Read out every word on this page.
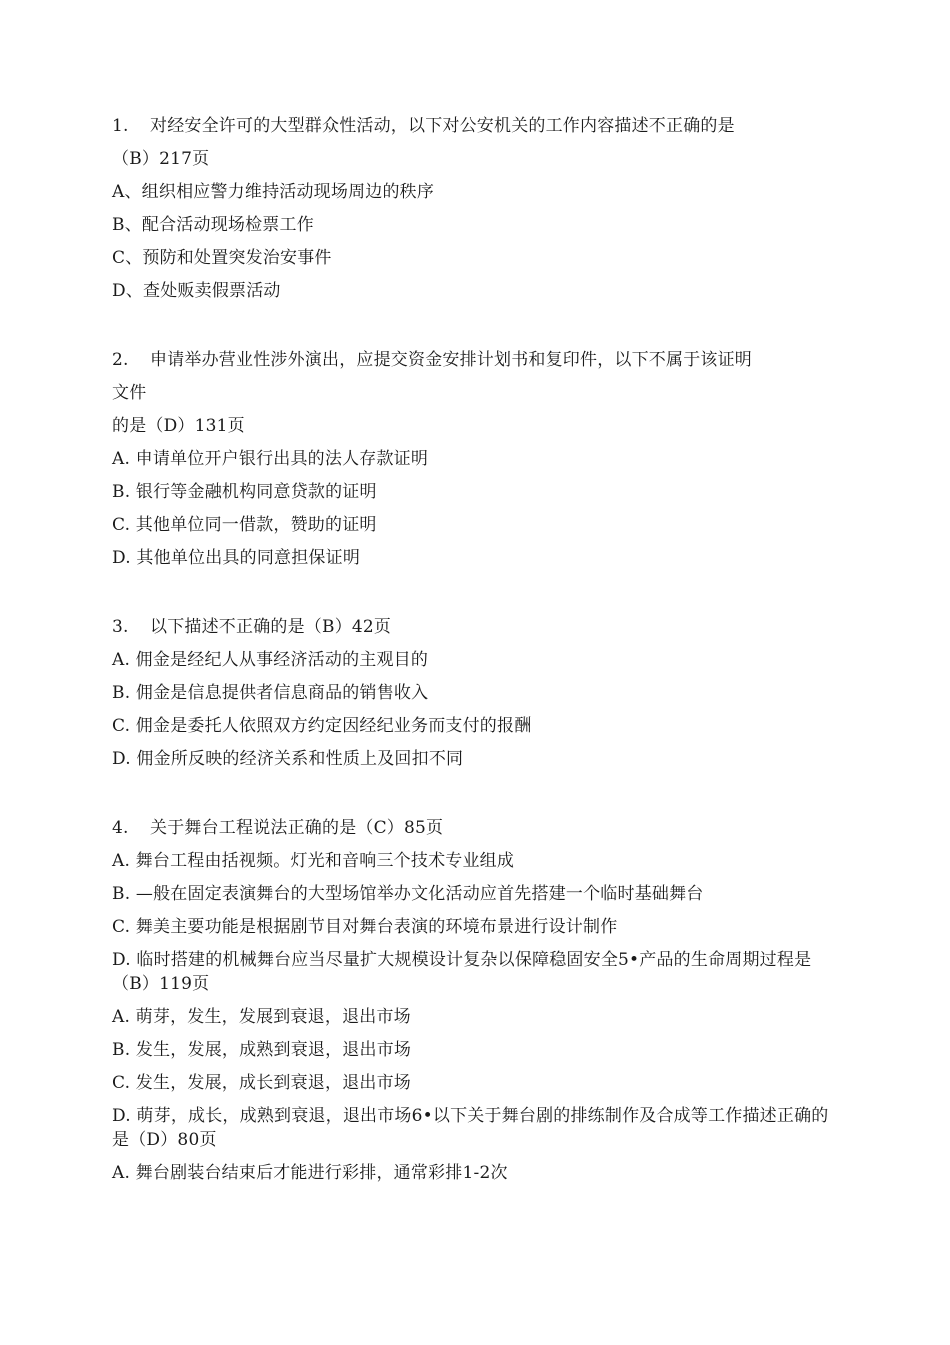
1. 对经安全许可的大型群众性活动，以下对公安机关的工作内容描述不正确的是
（B）217页
A、组织相应警力维持活动现场周边的秩序
B、配合活动现场检票工作
C、预防和处置突发治安事件
D、查处贩卖假票活动
2. 申请举办营业性涉外演出，应提交资金安排计划书和复印件，以下不属于该证明
文件
的是（D）131页
A. 申请单位开户银行出具的法人存款证明
B. 银行等金融机构同意贷款的证明
C. 其他单位同一借款，赞助的证明
D. 其他单位出具的同意担保证明
3. 以下描述不正确的是（B）42页
A. 佣金是经纪人从事经济活动的主观目的
B. 佣金是信息提供者信息商品的销售收入
C. 佣金是委托人依照双方约定因经纪业务而支付的报酬
D. 佣金所反映的经济关系和性质上及回扣不同
4. 关于舞台工程说法正确的是（C）85页
A. 舞台工程由括视频。灯光和音响三个技术专业组成
B. —般在固定表演舞台的大型场馆举办文化活动应首先搭建一个临时基础舞台
C. 舞美主要功能是根据剧节目对舞台表演的环境布景进行设计制作
D. 临时搭建的机械舞台应当尽量扩大规模设计复杂以保障稳固安全5•产品的生命周期过程是（B）119页
A. 萌芽，发生，发展到衰退，退出市场
B. 发生，发展，成熟到衰退，退出市场
C. 发生，发展，成长到衰退，退出市场
D. 萌芽，成长，成熟到衰退，退出市场6•以下关于舞台剧的排练制作及合成等工作描述正确的是（D）80页
A. 舞台剧装台结束后才能进行彩排，通常彩排1-2次
